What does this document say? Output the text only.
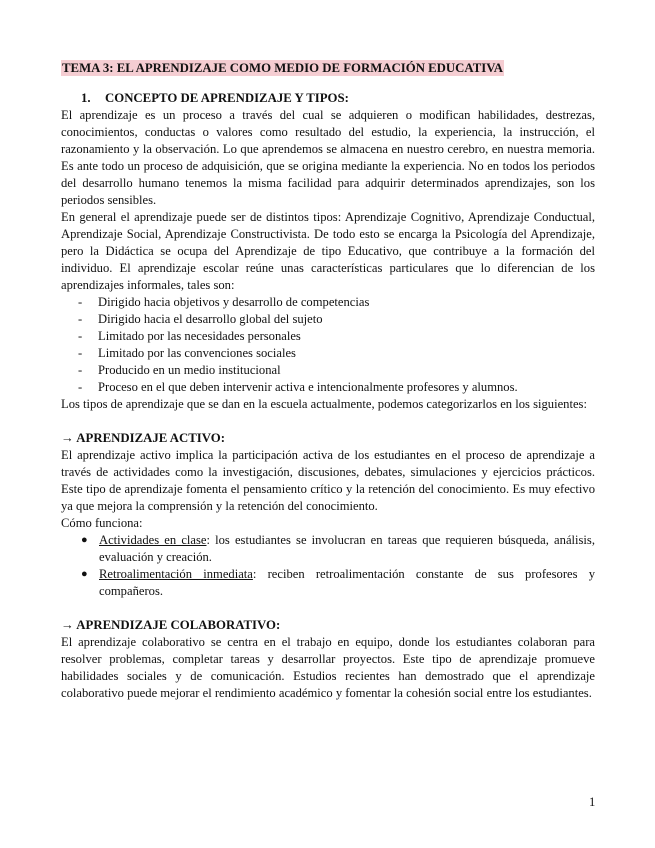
TEMA 3: EL APRENDIZAJE COMO MEDIO DE FORMACIÓN EDUCATIVA
1. CONCEPTO DE APRENDIZAJE Y TIPOS:

El aprendizaje es un proceso a través del cual se adquieren o modifican habilidades, destrezas, conocimientos, conductas o valores como resultado del estudio, la experiencia, la instrucción, el razonamiento y la observación. Lo que aprendemos se almacena en nuestro cerebro, en nuestra memoria. Es ante todo un proceso de adquisición, que se origina mediante la experiencia. No en todos los periodos del desarrollo humano tenemos la misma facilidad para adquirir determinados aprendizajes, son los periodos sensibles.

En general el aprendizaje puede ser de distintos tipos: Aprendizaje Cognitivo, Aprendizaje Conductual, Aprendizaje Social, Aprendizaje Constructivista. De todo esto se encarga la Psicología del Aprendizaje, pero la Didáctica se ocupa del Aprendizaje de tipo Educativo, que contribuye a la formación del individuo. El aprendizaje escolar reúne unas características particulares que lo diferencian de los aprendizajes informales, tales son:

- Dirigido hacia objetivos y desarrollo de competencias
- Dirigido hacia el desarrollo global del sujeto
- Limitado por las necesidades personales
- Limitado por las convenciones sociales
- Producido en un medio institucional
- Proceso en el que deben intervenir activa e intencionalmente profesores y alumnos.

Los tipos de aprendizaje que se dan en la escuela actualmente, podemos categorizarlos en los siguientes:

→ APRENDIZAJE ACTIVO:

El aprendizaje activo implica la participación activa de los estudiantes en el proceso de aprendizaje a través de actividades como la investigación, discusiones, debates, simulaciones y ejercicios prácticos. Este tipo de aprendizaje fomenta el pensamiento crítico y la retención del conocimiento. Es muy efectivo ya que mejora la comprensión y la retención del conocimiento.

Cómo funciona:

● Actividades en clase: los estudiantes se involucran en tareas que requieren búsqueda, análisis, evaluación y creación.
● Retroalimentación inmediata: reciben retroalimentación constante de sus profesores y compañeros.
→ APRENDIZAJE COLABORATIVO:

El aprendizaje colaborativo se centra en el trabajo en equipo, donde los estudiantes colaboran para resolver problemas, completar tareas y desarrollar proyectos. Este tipo de aprendizaje promueve habilidades sociales y de comunicación. Estudios recientes han demostrado que el aprendizaje colaborativo puede mejorar el rendimiento académico y fomentar la cohesión social entre los estudiantes.

1
